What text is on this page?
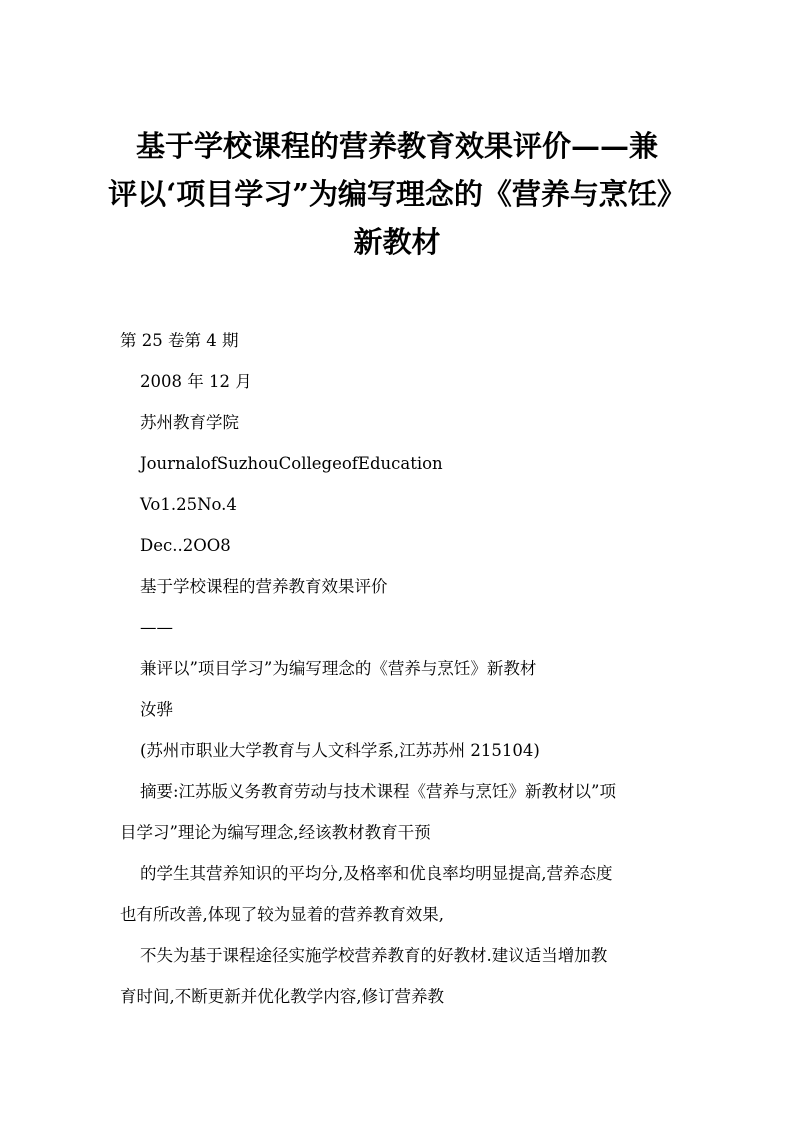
基于学校课程的营养教育效果评价——兼
评以‘项目学习”为编写理念的《营养与烹饪》
新教材

第 25 卷第 4 期

2008 年 12 月

苏州教育学院

JournalofSuzhouCollegeofEducation

Vo1.25No.4

Dec..2OO8

基于学校课程的营养教育效果评价

——

兼评以”项目学习”为编写理念的《营养与烹饪》新教材

汝骅

(苏州市职业大学教育与人文科学系,江苏苏州 215104)

摘要:江苏版义务教育劳动与技术课程《营养与烹饪》新教材以”项
目学习”理论为编写理念,经该教材教育干预

的学生其营养知识的平均分,及格率和优良率均明显提高,营养态度
也有所改善,体现了较为显着的营养教育效果,

不失为基于课程途径实施学校营养教育的好教材.建议适当增加教
育时间,不断更新并优化教学内容,修订营养教
